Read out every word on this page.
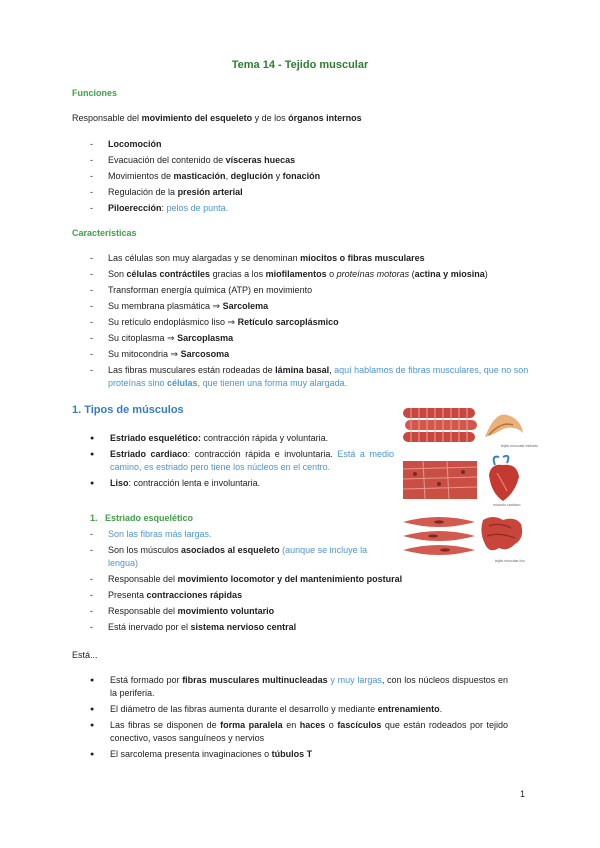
Tema 14 - Tejido muscular
Funciones
Responsable del movimiento del esqueleto y de los órganos internos
- Locomoción
- Evacuación del contenido de vísceras huecas
- Movimientos de masticación, deglución y fonación
- Regulación de la presión arterial
- Piloerección: pelos de punta.
Características
- Las células son muy alargadas y se denominan miocitos o fibras musculares
- Son células contráctiles gracias a los miofilamentos o proteínas motoras (actina y miosina)
- Transforman energía química (ATP) en movimiento
- Su membrana plasmática ⇒ Sarcolema
- Su retículo endoplásmico liso ⇒ Retículo sarcoplásmico
- Su citoplasma ⇒ Sarcoplasma
- Su mitocondria ⇒ Sarcosoma
- Las fibras musculares están rodeadas de lámina basal, aquí hablamos de fibras musculares, que no son proteínas sino células, que tienen una forma muy alargada.
1. Tipos de músculos
● Estriado esquelético: contracción rápida y voluntaria.
● Estriado cardiaco: contracción rápida e involuntaria. Está a medio camino, es estriado pero tiene los núcleos en el centro.
● Liso: contracción lenta e involuntaria.
1. Estriado esquelético
- Son las fibras más largas.
- Son los músculos asociados al esqueleto (aunque se incluye la lengua)
- Responsable del movimiento locomotor y del mantenimiento postural
- Presenta contracciones rápidas
- Responsable del movimiento voluntario
- Está inervado por el sistema nervioso central
Está...
● Está formado por fibras musculares multinucleadas y muy largas, con los núcleos dispuestos en la periferia.
● El diámetro de las fibras aumenta durante el desarrollo y mediante entrenamiento.
● Las fibras se disponen de forma paralela en haces o fascículos que están rodeados por tejido conectivo, vasos sanguíneos y nervios
● El sarcolema presenta invaginaciones o túbulos T
tejido muscular estriado
músculo cardíaco
tejido muscular liso
1
